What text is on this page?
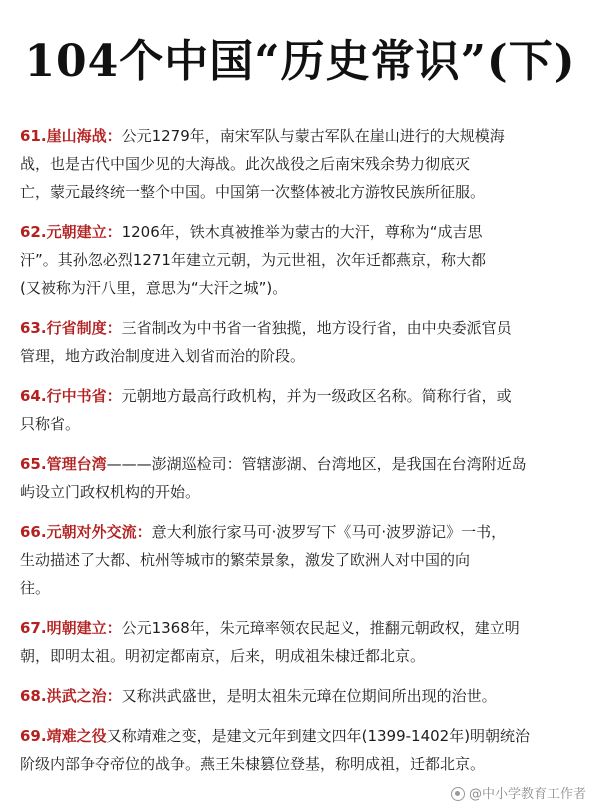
104个中国“历史常识”(下)

61.崖山海战：公元1279年，南宋军队与蒙古军队在崖山进行的大规模海

战，也是古代中国少见的大海战。此次战役之后南宋残余势力彻底灭

亡，蒙元最终统一整个中国。中国第一次整体被北方游牧民族所征服。

62.元朝建立：1206年，铁木真被推举为蒙古的大汗，尊称为“成吉思

汗”。其孙忽必烈1271年建立元朝，为元世祖，次年迁都燕京，称大都

(又被称为汗八里，意思为“大汗之城”)。

63.行省制度：三省制改为中书省一省独揽，地方设行省，由中央委派官员

管理，地方政治制度进入划省而治的阶段。

64.行中书省：元朝地方最高行政机构，并为一级政区名称。简称行省，或

只称省。

65.管理台湾———澎湖巡检司：管辖澎湖、台湾地区，是我国在台湾附近岛

屿设立门政权机构的开始。

66.元朝对外交流：意大利旅行家马可·波罗写下《马可·波罗游记》一书，

生动描述了大都、杭州等城市的繁荣景象，激发了欧洲人对中国的向

往。

67.明朝建立：公元1368年，朱元璋率领农民起义，推翻元朝政权，建立明

朝，即明太祖。明初定都南京，后来，明成祖朱棣迁都北京。

68.洪武之治：又称洪武盛世，是明太祖朱元璋在位期间所出现的治世。

69.靖难之役又称靖难之变，是建文元年到建文四年(1399-1402年)明朝统治

阶级内部争夺帝位的战争。燕王朱棣篡位登基，称明成祖，迁都北京。

@中小学教育工作者
